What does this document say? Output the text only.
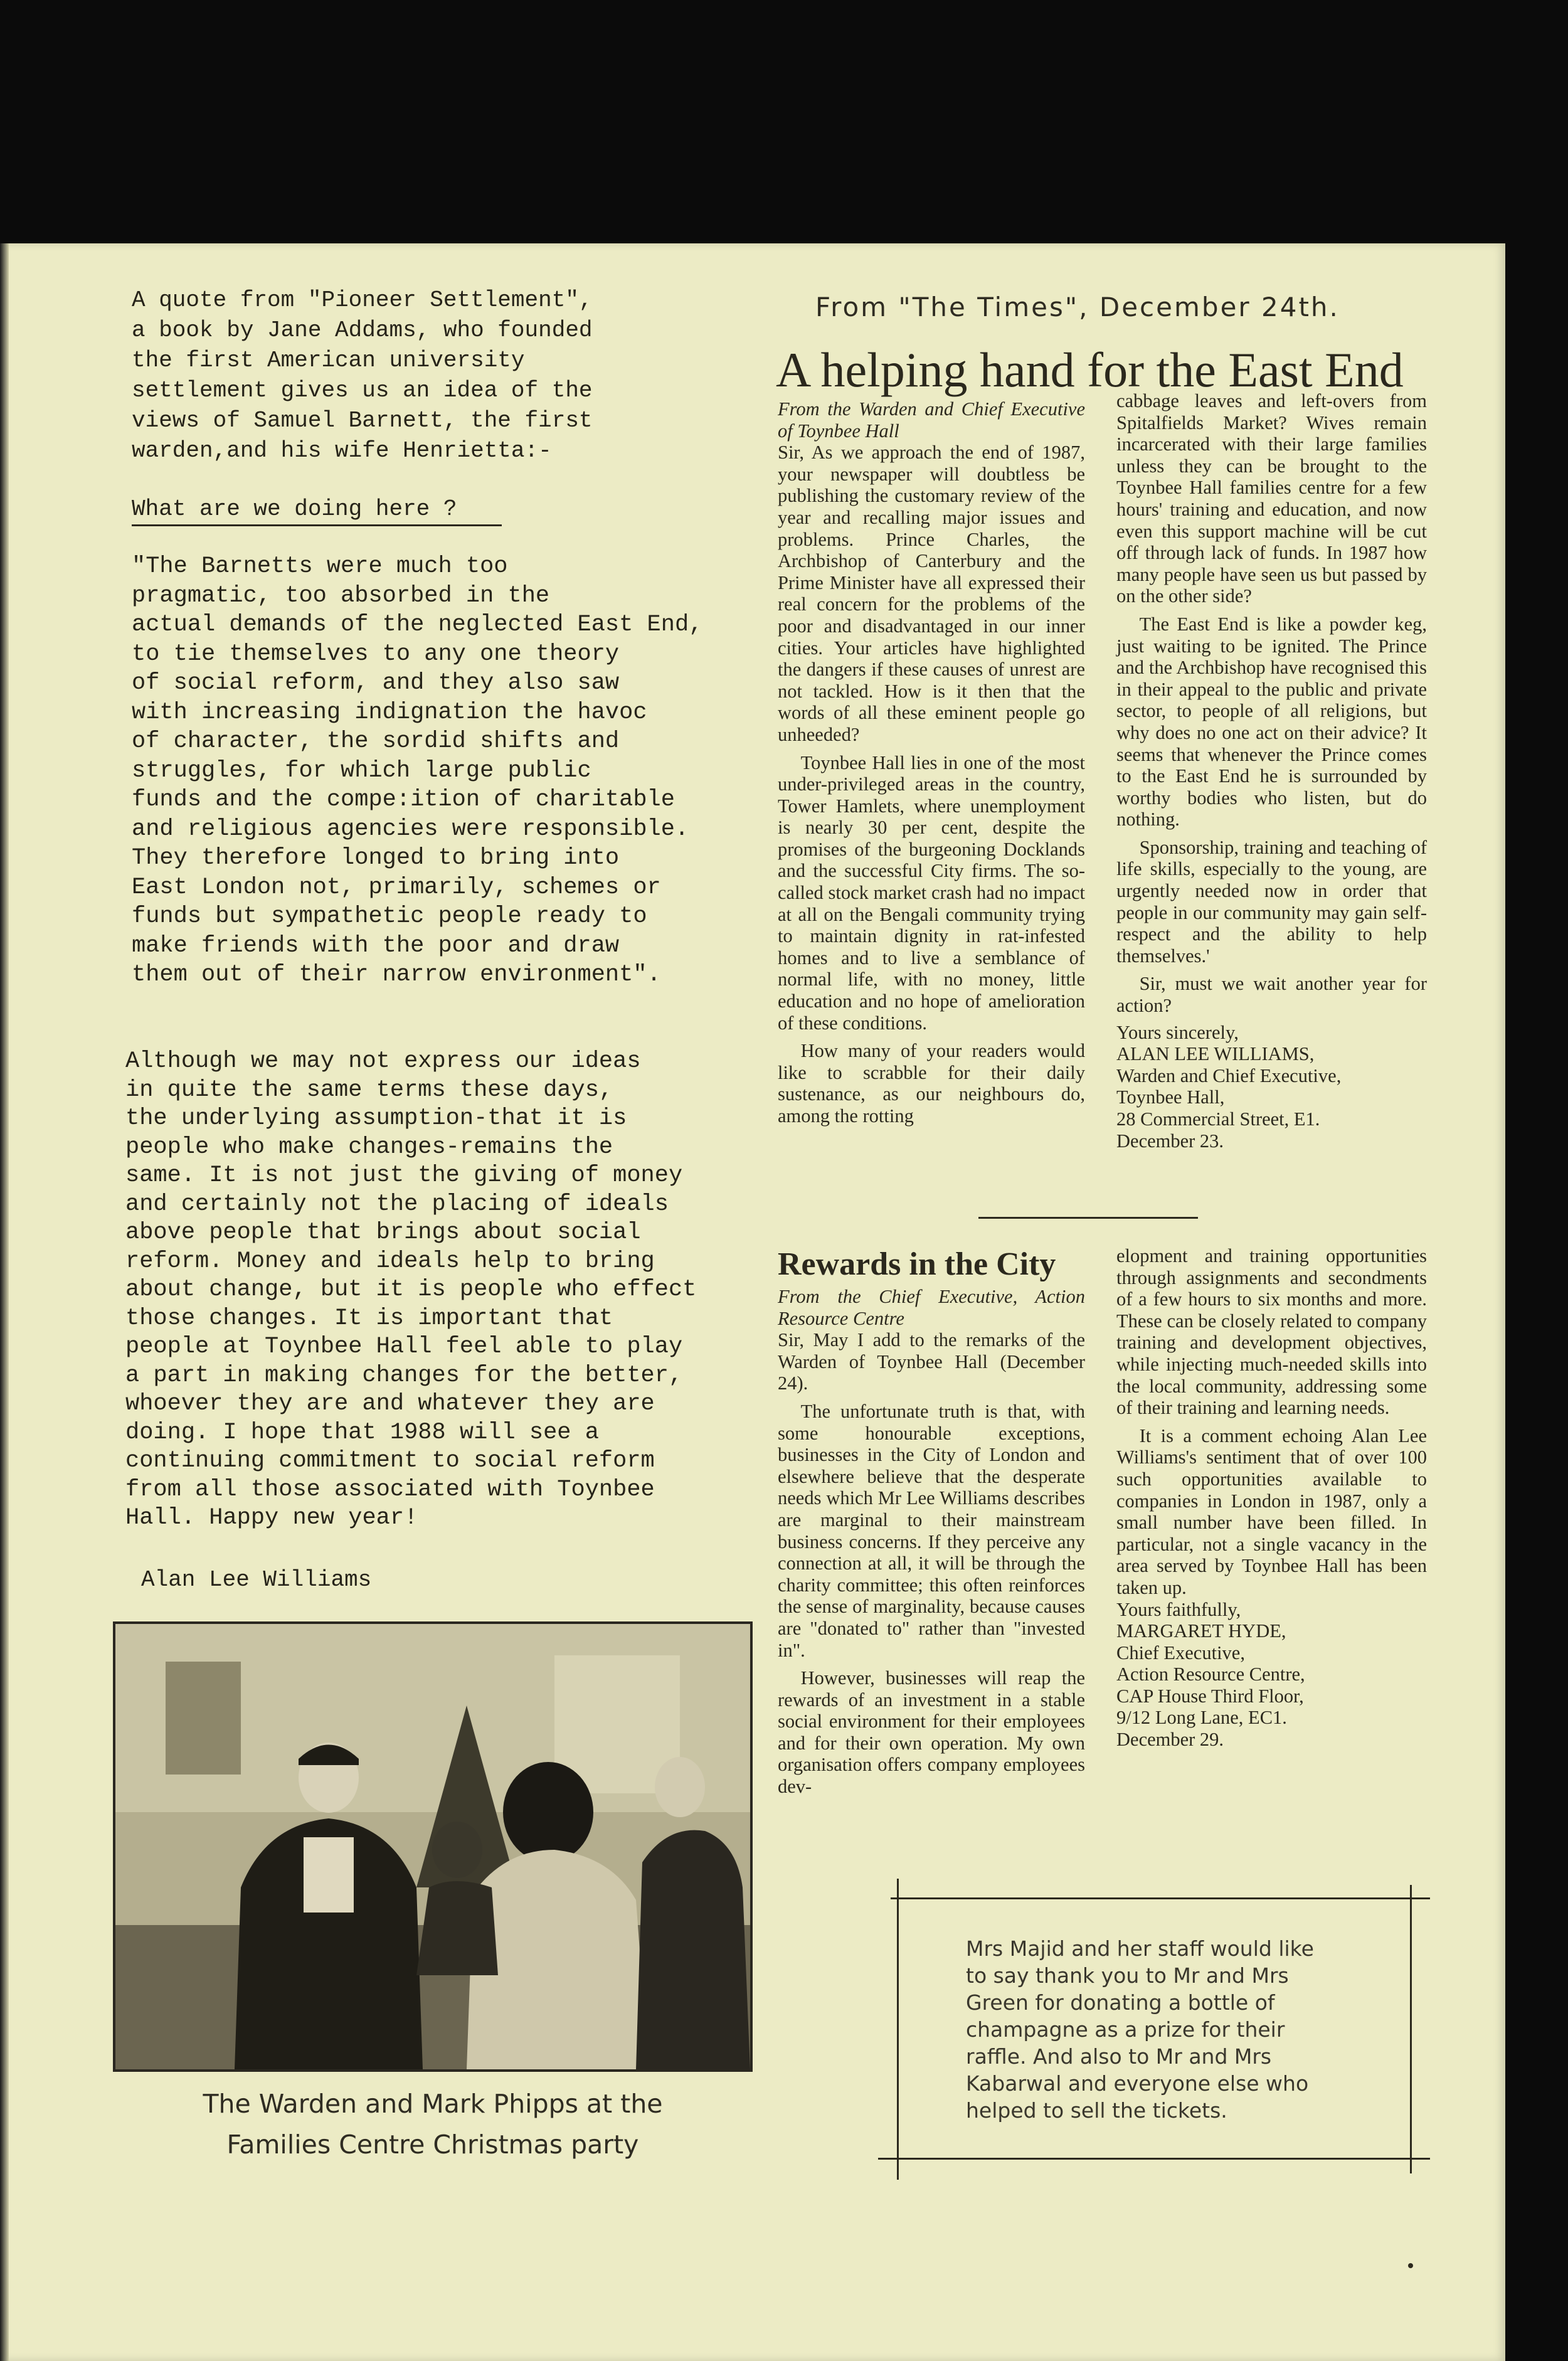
A quote from "Pioneer Settlement",
a book by Jane Addams, who founded
the first American university
settlement gives us an idea of the
views of Samuel Barnett, the first
warden,and his wife Henrietta:-
What are we doing here ?
"The Barnetts were much too
pragmatic, too absorbed in the
actual demands of the neglected East End,
to tie themselves to any one theory
of social reform, and they also saw
with increasing indignation the havoc
of character, the sordid shifts and
struggles, for which large public
funds and the compe:ition of charitable
and religious agencies were responsible.
They therefore longed to bring into
East London not, primarily, schemes or
funds but sympathetic people ready to
make friends with the poor and draw
them out of their narrow environment".
Although we may not express our ideas
in quite the same terms these days,
the underlying assumption-that it is
people who make changes-remains the
same. It is not just the giving of money
and certainly not the placing of ideals
above people that brings about social
reform. Money and ideals help to bring
about change, but it is people who effect
those changes. It is important that
people at Toynbee Hall feel able to play
a part in making changes for the better,
whoever they are and whatever they are
doing. I hope that 1988 will see a
continuing commitment to social reform
from all those associated with Toynbee
Hall. Happy new year!
Alan Lee Williams
The Warden and Mark Phipps at the
Families Centre Christmas party
From "The Times", December 24th.
A helping hand for the East End

From the Warden and Chief Executive of Toynbee Hall

Sir, As we approach the end of 1987, your newspaper will doubtless be publishing the customary review of the year and recalling major issues and problems. Prince Charles, the Archbishop of Canterbury and the Prime Minister have all expressed their real concern for the problems of the poor and disadvantaged in our inner cities. Your articles have highlighted the dangers if these causes of unrest are not tackled. How is it then that the words of all these eminent people go unheeded?

Toynbee Hall lies in one of the most under-privileged areas in the country, Tower Hamlets, where unemployment is nearly 30 per cent, despite the promises of the burgeoning Docklands and the successful City firms. The so-called stock market crash had no impact at all on the Bengali community trying to maintain dignity in rat-infested homes and to live a semblance of normal life, with no money, little education and no hope of amelioration of these conditions.

How many of your readers would like to scrabble for their daily sustenance, as our neighbours do, among the rotting

cabbage leaves and left-overs from Spitalfields Market? Wives remain incarcerated with their large families unless they can be brought to the Toynbee Hall families centre for a few hours' training and education, and now even this support machine will be cut off through lack of funds. In 1987 how many people have seen us but passed by on the other side?

The East End is like a powder keg, just waiting to be ignited. The Prince and the Archbishop have recognised this in their appeal to the public and private sector, to people of all religions, but why does no one act on their advice? It seems that whenever the Prince comes to the East End he is surrounded by worthy bodies who listen, but do nothing.

Sponsorship, training and teaching of life skills, especially to the young, are urgently needed now in order that people in our community may gain self-respect and the ability to help themselves.'

Sir, must we wait another year for action?

Yours sincerely,
ALAN LEE WILLIAMS,
Warden and Chief Executive,
Toynbee Hall,
28 Commercial Street, E1.
December 23.
Rewards in the City

From the Chief Executive, Action Resource Centre

Sir, May I add to the remarks of the Warden of Toynbee Hall (December 24).

The unfortunate truth is that, with some honourable exceptions, businesses in the City of London and elsewhere believe that the desperate needs which Mr Lee Williams describes are marginal to their mainstream business concerns. If they perceive any connection at all, it will be through the charity committee; this often reinforces the sense of marginality, because causes are "donated to" rather than "invested in".

However, businesses will reap the rewards of an investment in a stable social environment for their employees and for their own operation. My own organisation offers company employees dev-

elopment and training opportunities through assignments and secondments of a few hours to six months and more. These can be closely related to company training and development objectives, while injecting much-needed skills into the local community, addressing some of their training and learning needs.

It is a comment echoing Alan Lee Williams's sentiment that of over 100 such opportunities available to companies in London in 1987, only a small number have been filled. In particular, not a single vacancy in the area served by Toynbee Hall has been taken up.

Yours faithfully,
MARGARET HYDE,
Chief Executive,
Action Resource Centre,
CAP House Third Floor,
9/12 Long Lane, EC1.
December 29.
Mrs Majid and her staff would like
to say thank you to Mr and Mrs
Green for donating a bottle of
champagne as a prize for their
raffle. And also to Mr and Mrs
Kabarwal and everyone else who
helped to sell the tickets.
